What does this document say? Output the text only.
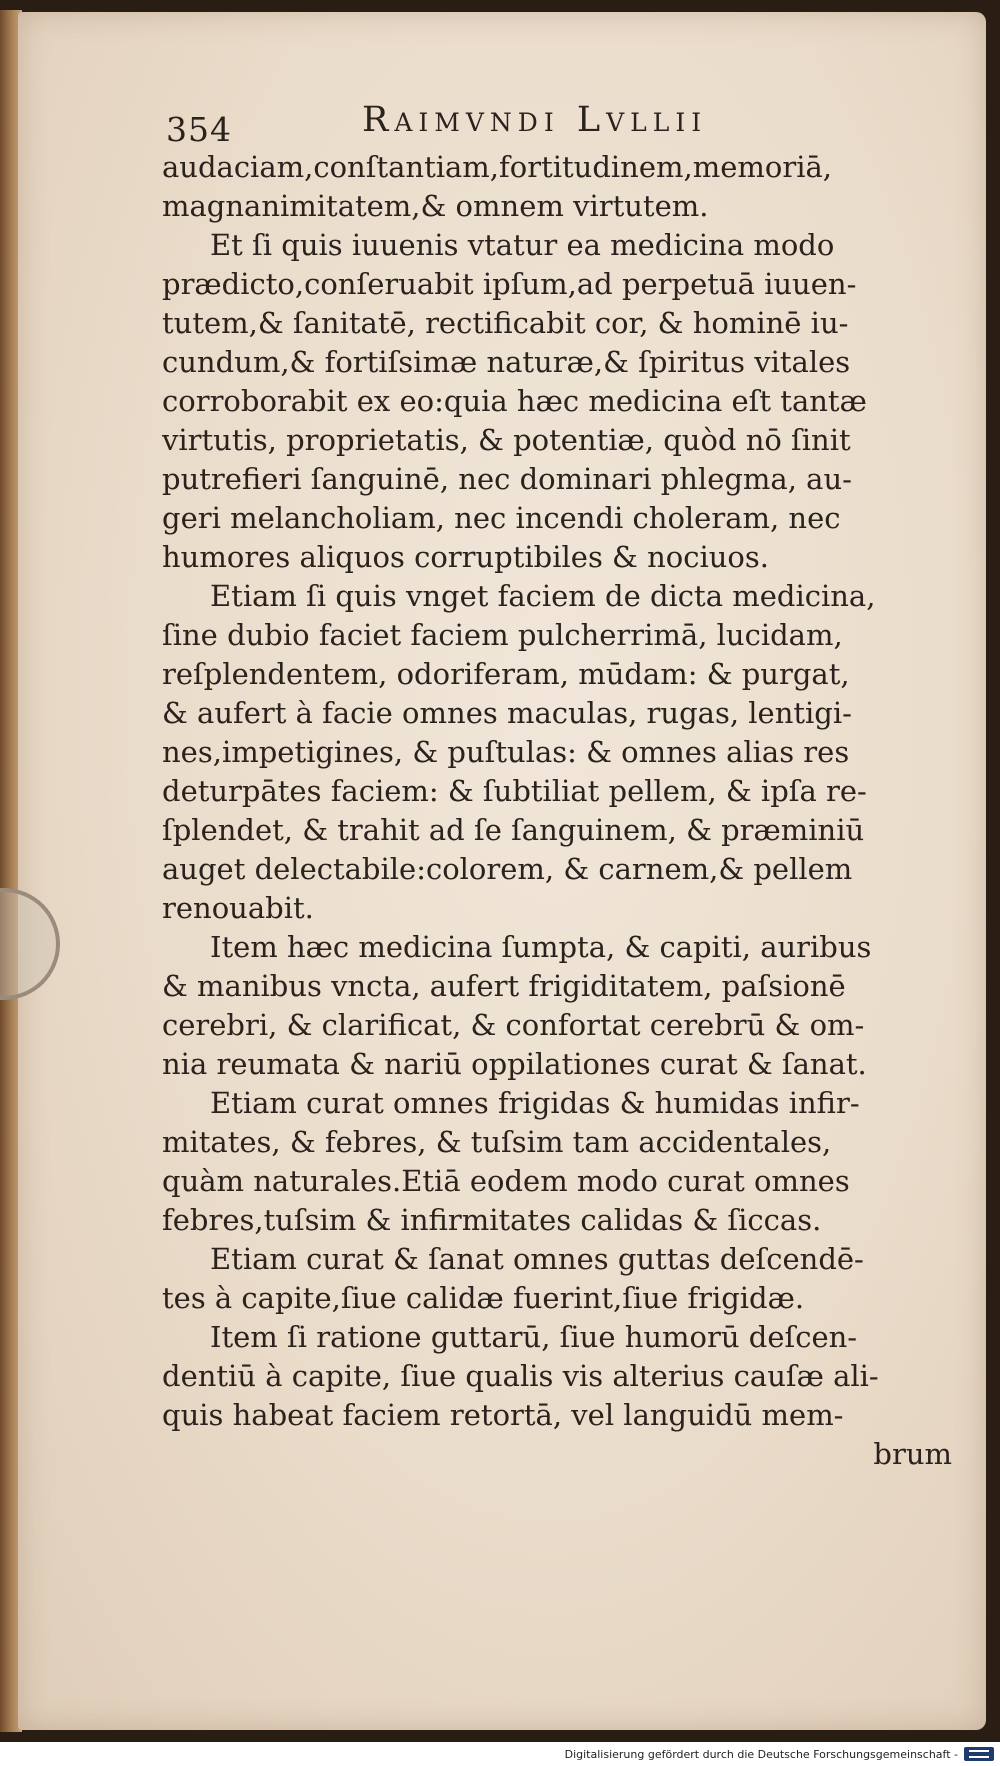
354	Raimvndi Lvllii
audaciam,conſtantiam,fortitudinem,memoriā,
magnanimitatem,& omnem virtutem.
Et ſi quis iuuenis vtatur ea medicina modo
prædicto,conſeruabit ipſum,ad perpetuā iuuen-
tutem,& ſanitatē, rectificabit cor, & hominē iu-
cundum,& fortiſsimæ naturæ,& ſpiritus vitales
corroborabit ex eo:quia hæc medicina eſt tantæ
virtutis, proprietatis, & potentiæ, quòd nō ſinit
putrefieri ſanguinē, nec dominari phlegma, au-
geri melancholiam, nec incendi choleram, nec
humores aliquos corruptibiles & nociuos.
Etiam ſi quis vnget faciem de dicta medicina,
ſine dubio faciet faciem pulcherrimā, lucidam,
reſplendentem, odoriferam, mūdam: & purgat,
& aufert à facie omnes maculas, rugas, lentigi-
nes,impetigines, & puſtulas: & omnes alias res
deturpātes faciem: & ſubtiliat pellem, & ipſa re-
ſplendet, & trahit ad ſe ſanguinem, & præminiū
auget delectabile:colorem, & carnem,& pellem
renouabit.
Item hæc medicina ſumpta, & capiti, auribus
& manibus vncta, aufert frigiditatem, paſsionē
cerebri, & clarificat, & confortat cerebrū & om-
nia reumata & nariū oppilationes curat & ſanat.
Etiam curat omnes frigidas & humidas infir-
mitates, & febres, & tuſsim tam accidentales,
quàm naturales.Etiā eodem modo curat omnes
febres,tuſsim & infirmitates calidas & ſiccas.
Etiam curat & ſanat omnes guttas deſcendē-
tes à capite,ſiue calidæ fuerint,ſiue frigidæ.
Item ſi ratione guttarū, ſiue humorū deſcen-
dentiū à capite, ſiue qualis vis alterius cauſæ ali-
quis habeat faciem retortā, vel languidū mem-
brum
Digitalisierung gefördert durch die Deutsche Forschungsgemeinschaft -
